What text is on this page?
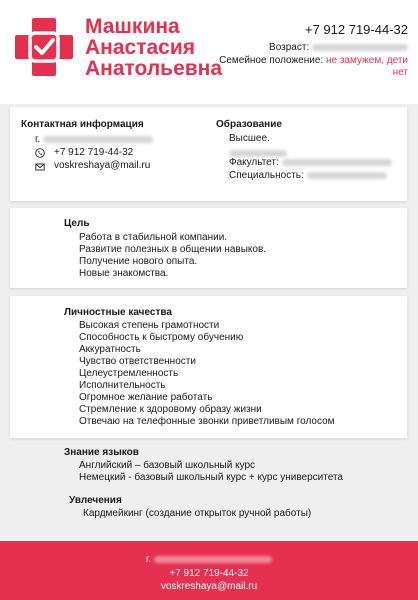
Машкина
Анастасия
Анатольевна
+7 912 719-44-32
Возраст:
Семейное положение: не замужем, дети нет
Контактная информация
г.
+7 912 719-44-32
voskreshaya@mail.ru
Образование
Высшее.
Факультет:
Специальность:
Цель
Работа в стабильной компании.
Развитие полезных в общении навыков.
Получение нового опыта.
Новые знакомства.
Личностные качества
Высокая степень грамотности
Способность к быстрому обучению
Аккуратность
Чувство ответственности
Целеустремленность
Исполнительность
Огромное желание работать
Стремление к здоровому образу жизни
Отвечаю на телефонные звонки приветливым голосом
Знание языков
Английский – базовый школьный курс
Немецкий - базовый школьный курс + курс университета
Увлечения
Кардмейкинг (создание открыток ручной работы)
г.
+7 912 719-44-32
voskreshaya@mail.ru
